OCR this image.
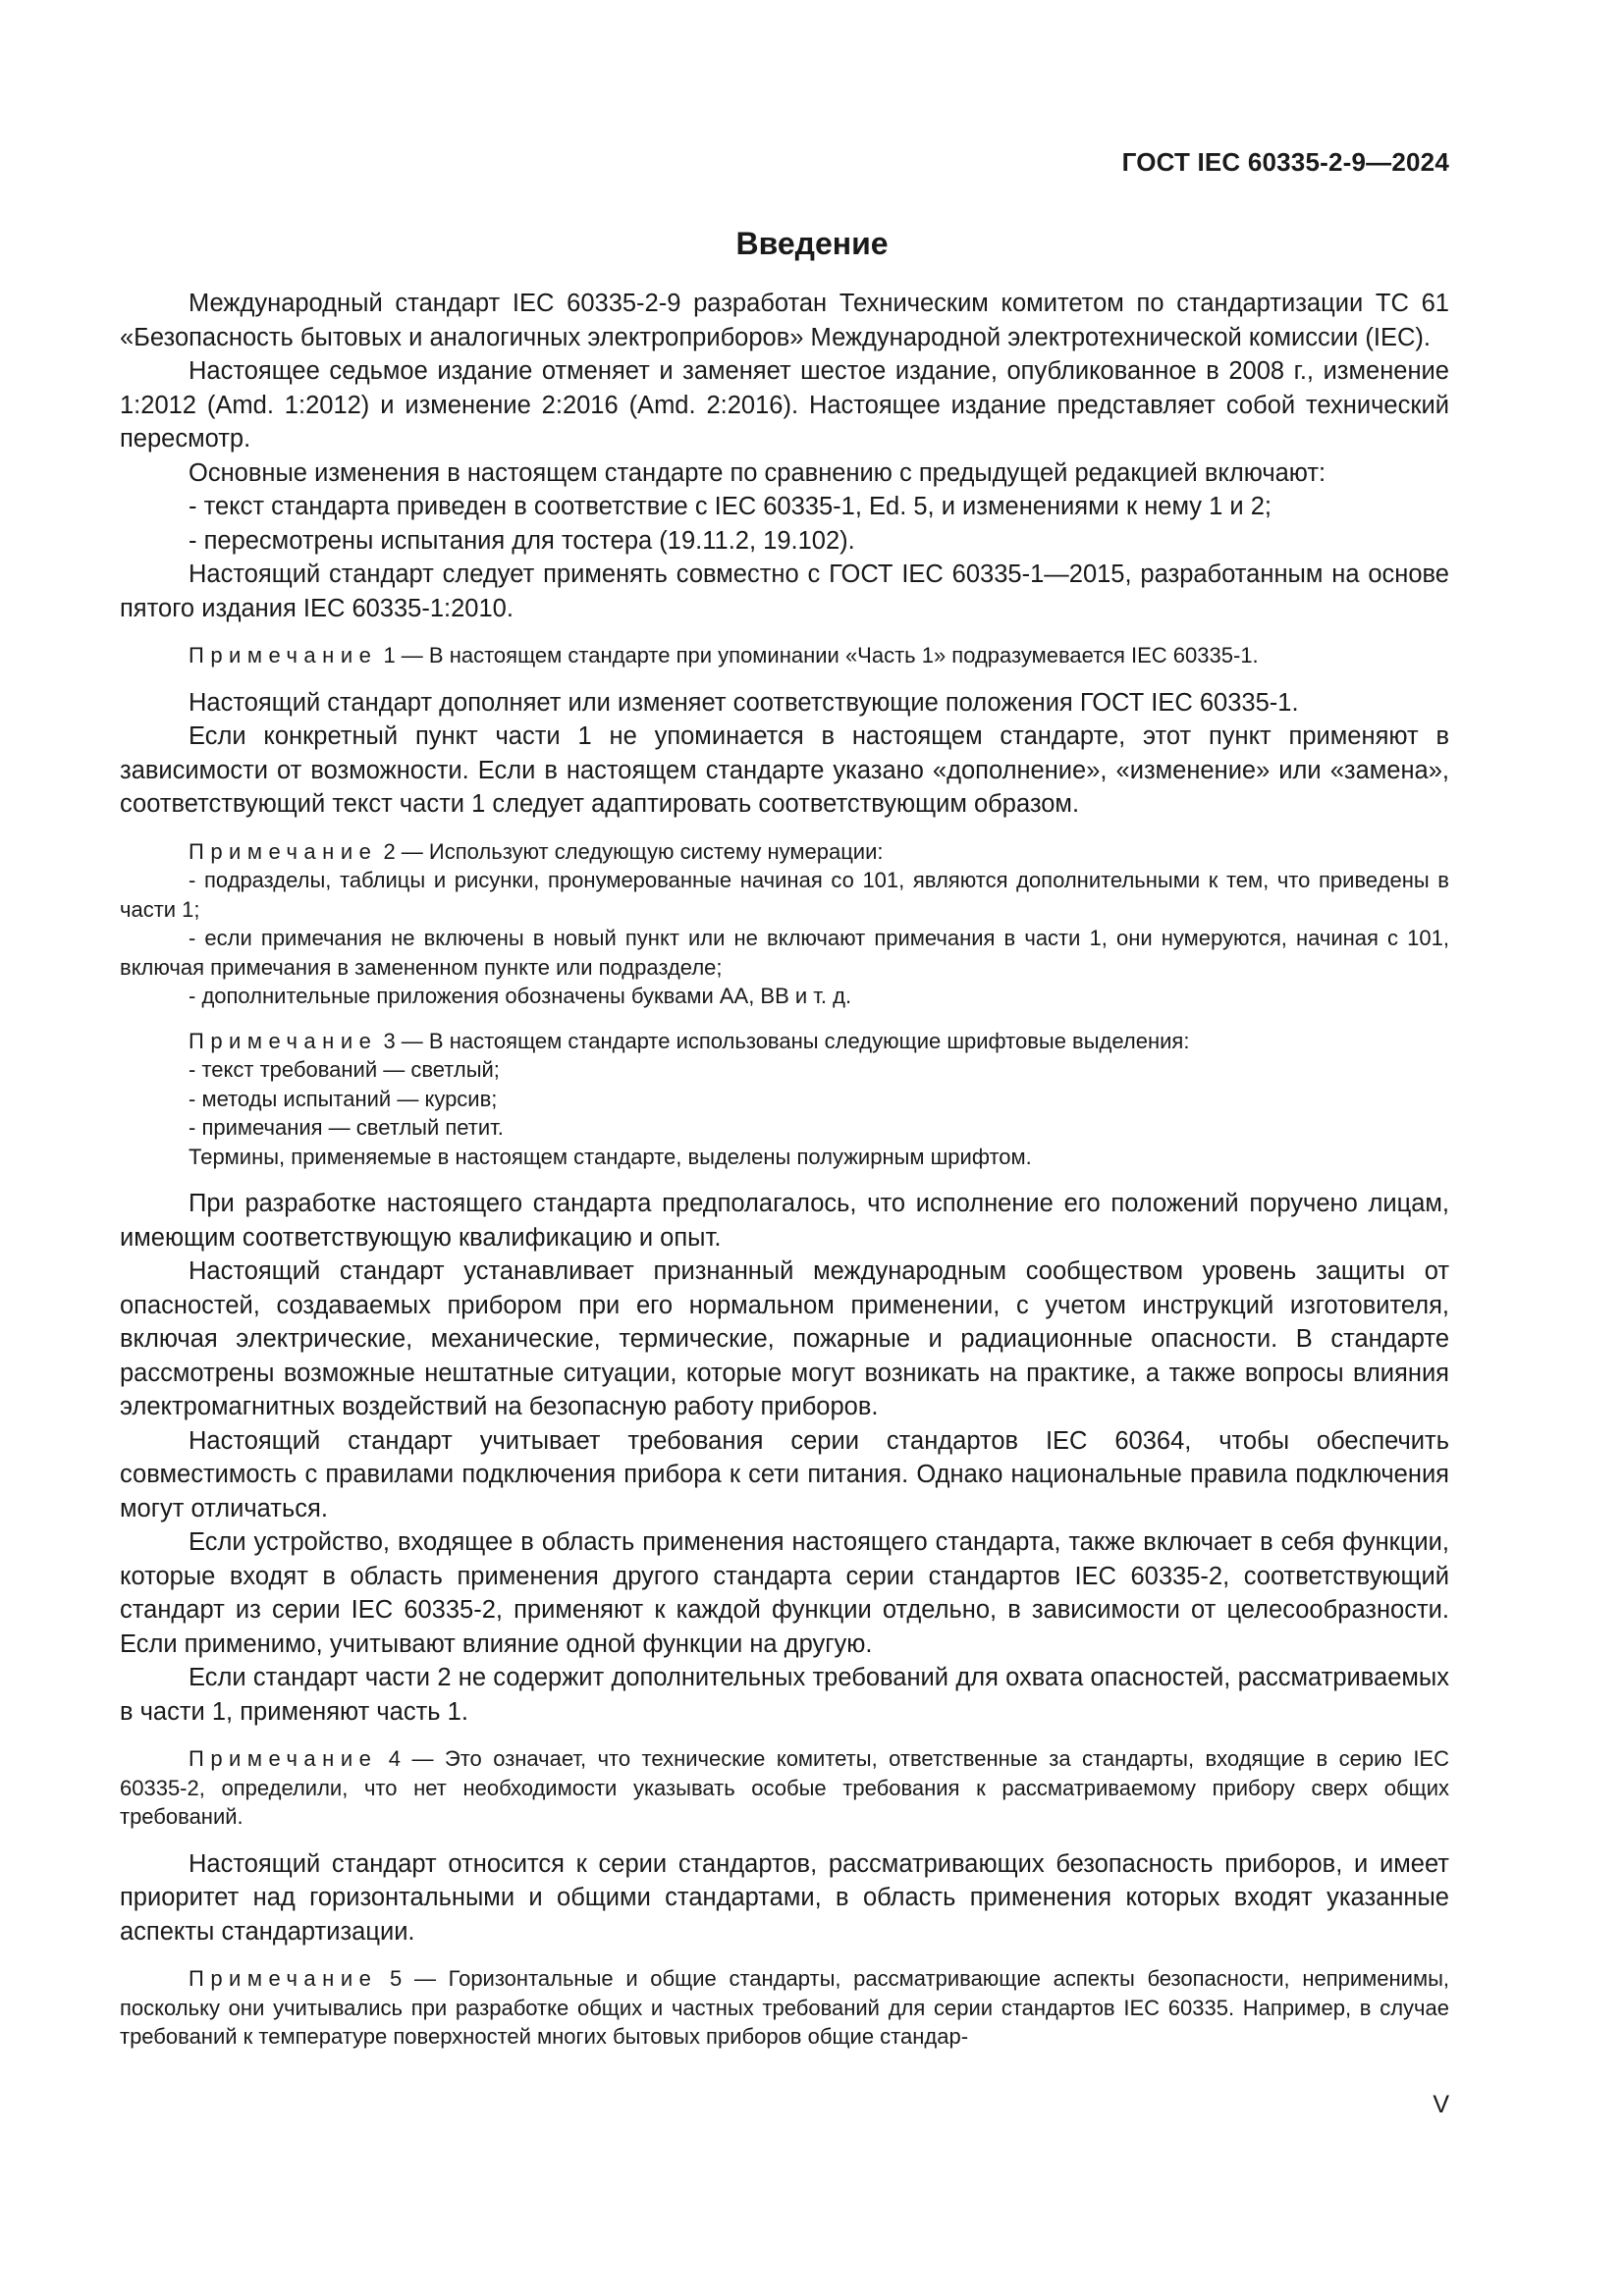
ГОСТ IEC 60335-2-9—2024
Введение

Международный стандарт IEC 60335-2-9 разработан Техническим комитетом по стандартизации ТС 61 «Безопасность бытовых и аналогичных электроприборов» Международной электротехнической комиссии (IEC).

Настоящее седьмое издание отменяет и заменяет шестое издание, опубликованное в 2008 г., изменение 1:2012 (Amd. 1:2012) и изменение 2:2016 (Amd. 2:2016). Настоящее издание представляет собой технический пересмотр.

Основные изменения в настоящем стандарте по сравнению с предыдущей редакцией включают:

- текст стандарта приведен в соответствие с IEC 60335-1, Ed. 5, и изменениями к нему 1 и 2;
- пересмотрены испытания для тостера (19.11.2, 19.102).

Настоящий стандарт следует применять совместно с ГОСТ IEC 60335-1—2015, разработанным на основе пятого издания IEC 60335-1:2010.

Примечание 1 — В настоящем стандарте при упоминании «Часть 1» подразумевается IEC 60335-1.

Настоящий стандарт дополняет или изменяет соответствующие положения ГОСТ IEC 60335-1.

Если конкретный пункт части 1 не упоминается в настоящем стандарте, этот пункт применяют в зависимости от возможности. Если в настоящем стандарте указано «дополнение», «изменение» или «замена», соответствующий текст части 1 следует адаптировать соответствующим образом.

Примечание 2 — Используют следующую систему нумерации:
- подразделы, таблицы и рисунки, пронумерованные начиная со 101, являются дополнительными к тем, что приведены в части 1;
- если примечания не включены в новый пункт или не включают примечания в части 1, они нумеруются, начиная с 101, включая примечания в замененном пункте или подразделе;
- дополнительные приложения обозначены буквами АА, ВВ и т. д.
Примечание 3 — В настоящем стандарте использованы следующие шрифтовые выделения:
- текст требований — светлый;
- методы испытаний — курсив;
- примечания — светлый петит.
Термины, применяемые в настоящем стандарте, выделены полужирным шрифтом.

При разработке настоящего стандарта предполагалось, что исполнение его положений поручено лицам, имеющим соответствующую квалификацию и опыт.

Настоящий стандарт устанавливает признанный международным сообществом уровень защиты от опасностей, создаваемых прибором при его нормальном применении, с учетом инструкций изготовителя, включая электрические, механические, термические, пожарные и радиационные опасности. В стандарте рассмотрены возможные нештатные ситуации, которые могут возникать на практике, а также вопросы влияния электромагнитных воздействий на безопасную работу приборов.

Настоящий стандарт учитывает требования серии стандартов IEC 60364, чтобы обеспечить совместимость с правилами подключения прибора к сети питания. Однако национальные правила подключения могут отличаться.

Если устройство, входящее в область применения настоящего стандарта, также включает в себя функции, которые входят в область применения другого стандарта серии стандартов IEC 60335-2, соответствующий стандарт из серии IEC 60335-2, применяют к каждой функции отдельно, в зависимости от целесообразности. Если применимо, учитывают влияние одной функции на другую.

Если стандарт части 2 не содержит дополнительных требований для охвата опасностей, рассматриваемых в части 1, применяют часть 1.

Примечание 4 — Это означает, что технические комитеты, ответственные за стандарты, входящие в серию IEC 60335-2, определили, что нет необходимости указывать особые требования к рассматриваемому прибору сверх общих требований.

Настоящий стандарт относится к серии стандартов, рассматривающих безопасность приборов, и имеет приоритет над горизонтальными и общими стандартами, в область применения которых входят указанные аспекты стандартизации.

Примечание 5 — Горизонтальные и общие стандарты, рассматривающие аспекты безопасности, неприменимы, поскольку они учитывались при разработке общих и частных требований для серии стандартов IEC 60335. Например, в случае требований к температуре поверхностей многих бытовых приборов общие стандар-
V
